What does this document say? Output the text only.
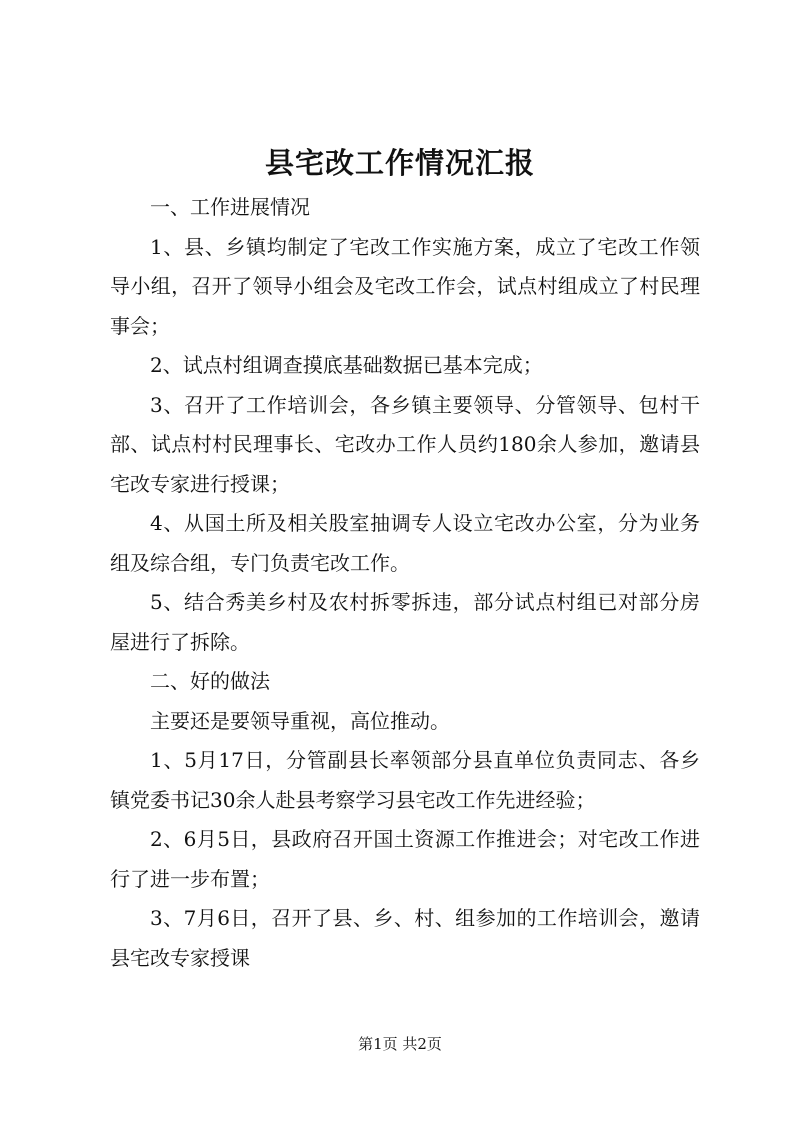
县宅改工作情况汇报

一、工作进展情况

1、县、乡镇均制定了宅改工作实施方案，成立了宅改工作领导小组，召开了领导小组会及宅改工作会，试点村组成立了村民理事会；

2、试点村组调查摸底基础数据已基本完成；

3、召开了工作培训会，各乡镇主要领导、分管领导、包村干部、试点村村民理事长、宅改办工作人员约180余人参加，邀请县宅改专家进行授课；

4、从国土所及相关股室抽调专人设立宅改办公室，分为业务组及综合组，专门负责宅改工作。

5、结合秀美乡村及农村拆零拆违，部分试点村组已对部分房屋进行了拆除。

二、好的做法

主要还是要领导重视，高位推动。

1、5月17日，分管副县长率领部分县直单位负责同志、各乡镇党委书记30余人赴县考察学习县宅改工作先进经验；

2、6月5日，县政府召开国土资源工作推进会；对宅改工作进行了进一步布置；

3、7月6日，召开了县、乡、村、组参加的工作培训会，邀请县宅改专家授课

第1页 共2页
